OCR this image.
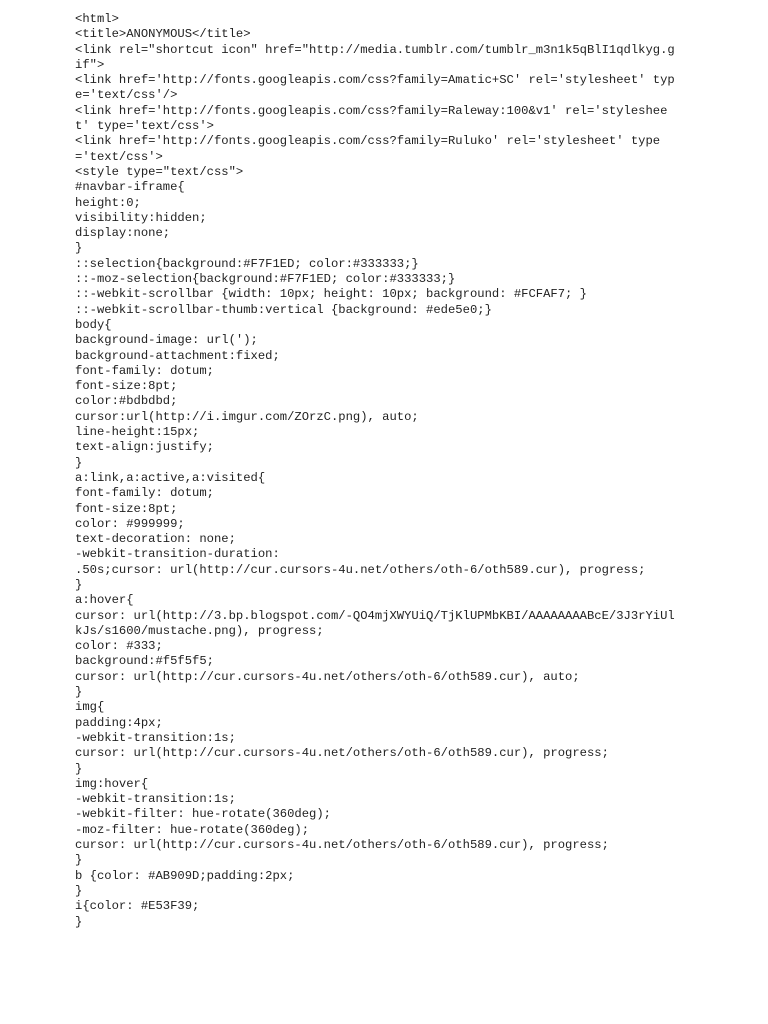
<html>
<title>ANONYMOUS</title>
<link rel="shortcut icon" href="http://media.tumblr.com/tumblr_m3n1k5qBlI1qdlkyg.gif">
<link href='http://fonts.googleapis.com/css?family=Amatic+SC' rel='stylesheet' type='text/css'/>
<link href='http://fonts.googleapis.com/css?family=Raleway:100&v1' rel='stylesheet' type='text/css'>
<link href='http://fonts.googleapis.com/css?family=Ruluko' rel='stylesheet' type='text/css'>
<style type="text/css">
#navbar-iframe{
height:0;
visibility:hidden;
display:none;
}
::selection{background:#F7F1ED; color:#333333;}
::-moz-selection{background:#F7F1ED; color:#333333;}
::-webkit-scrollbar {width: 10px; height: 10px; background: #FCFAF7; }
::-webkit-scrollbar-thumb:vertical {background: #ede5e0;}
body{
background-image: url(');
background-attachment:fixed;
font-family: dotum;
font-size:8pt;
color:#bdbdbd;
cursor:url(http://i.imgur.com/ZOrzC.png), auto;
line-height:15px;
text-align:justify;
}
a:link,a:active,a:visited{
font-family: dotum;
font-size:8pt;
color: #999999;
text-decoration: none;
-webkit-transition-duration:
.50s;cursor: url(http://cur.cursors-4u.net/others/oth-6/oth589.cur), progress;
}
a:hover{
cursor: url(http://3.bp.blogspot.com/-QO4mjXWYUiQ/TjKlUPMbKBI/AAAAAAAABcE/3J3rYiUlkJs/s1600/mustache.png), progress;
color: #333;
background:#f5f5f5;
cursor: url(http://cur.cursors-4u.net/others/oth-6/oth589.cur), auto;
}
img{
padding:4px;
-webkit-transition:1s;
cursor: url(http://cur.cursors-4u.net/others/oth-6/oth589.cur), progress;
}
img:hover{
-webkit-transition:1s;
-webkit-filter: hue-rotate(360deg);
-moz-filter: hue-rotate(360deg);
cursor: url(http://cur.cursors-4u.net/others/oth-6/oth589.cur), progress;
}
b {color: #AB909D;padding:2px;
}
i{color: #E53F39;
}
